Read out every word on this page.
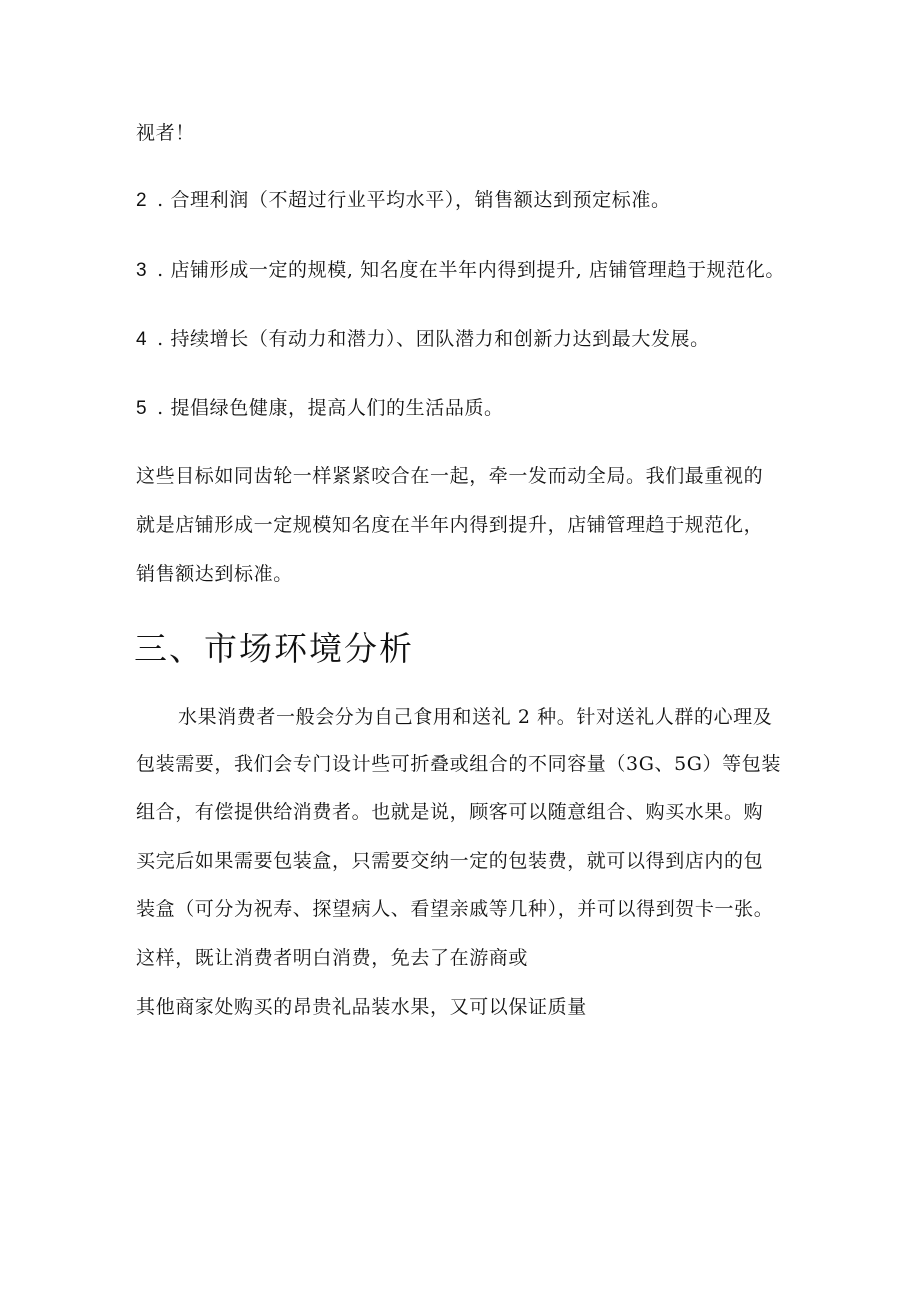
视者！
2 . 合理利润（不超过行业平均水平），销售额达到预定标准。
3 . 店铺形成一定的规模, 知名度在半年内得到提升, 店铺管理趋于规范化。
4 . 持续增长（有动力和潜力）、团队潜力和创新力达到最大发展。
5 . 提倡绿色健康，提高人们的生活品质。
这些目标如同齿轮一样紧紧咬合在一起，牵一发而动全局。我们最重视的
就是店铺形成一定规模知名度在半年内得到提升，店铺管理趋于规范化，
销售额达到标准。
三、市场环境分析
水果消费者一般会分为自己食用和送礼 2 种。针对送礼人群的心理及
包装需要，我们会专门设计些可折叠或组合的不同容量（3G、5G）等包装
组合，有偿提供给消费者。也就是说，顾客可以随意组合、购买水果。购
买完后如果需要包装盒，只需要交纳一定的包装费，就可以得到店内的包
装盒（可分为祝寿、探望病人、看望亲戚等几种），并可以得到贺卡一张。
这样，既让消费者明白消费，免去了在游商或
其他商家处购买的昂贵礼品装水果，又可以保证质量
